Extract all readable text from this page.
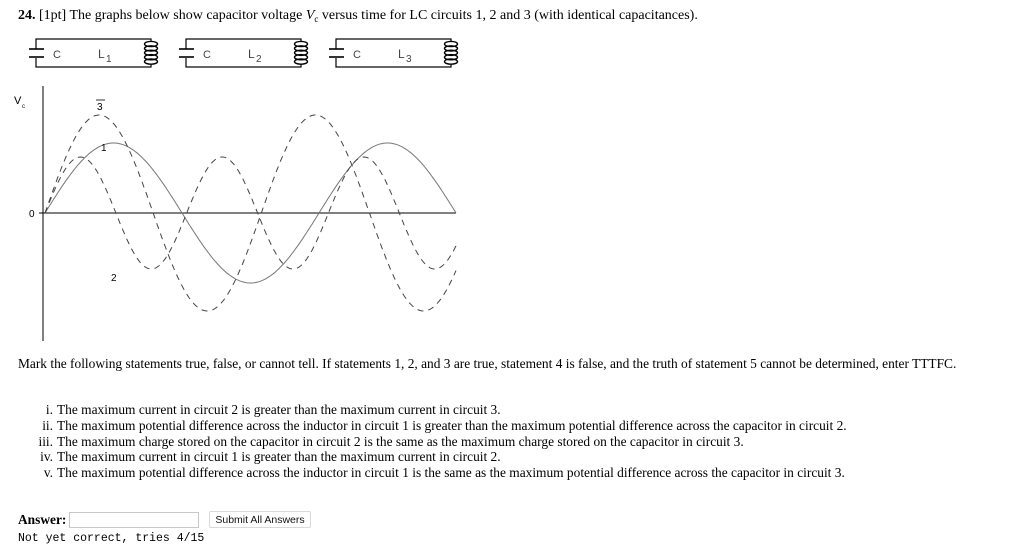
24. [1pt] The graphs below show capacitor voltage $V_c$ versus time for LC circuits 1, 2 and 3 (with identical capacitances).
C	L 1	C	L 2	C	L 3
V c
0
3
1
2
Mark the following statements true, false, or cannot tell. If statements 1, 2, and 3 are true, statement 4 is false, and the truth of statement 5 cannot be determined, enter TTTFC.
i. The maximum current in circuit 2 is greater than the maximum current in circuit 3.
ii. The maximum potential difference across the inductor in circuit 1 is greater than the maximum potential difference across the capacitor in circuit 2.
iii. The maximum charge stored on the capacitor in circuit 2 is the same as the maximum charge stored on the capacitor in circuit 3.
iv. The maximum current in circuit 1 is greater than the maximum current in circuit 2.
v. The maximum potential difference across the inductor in circuit 1 is the same as the maximum potential difference across the capacitor in circuit 3.
Answer:	Submit All Answers
Not yet correct, tries 4/15
